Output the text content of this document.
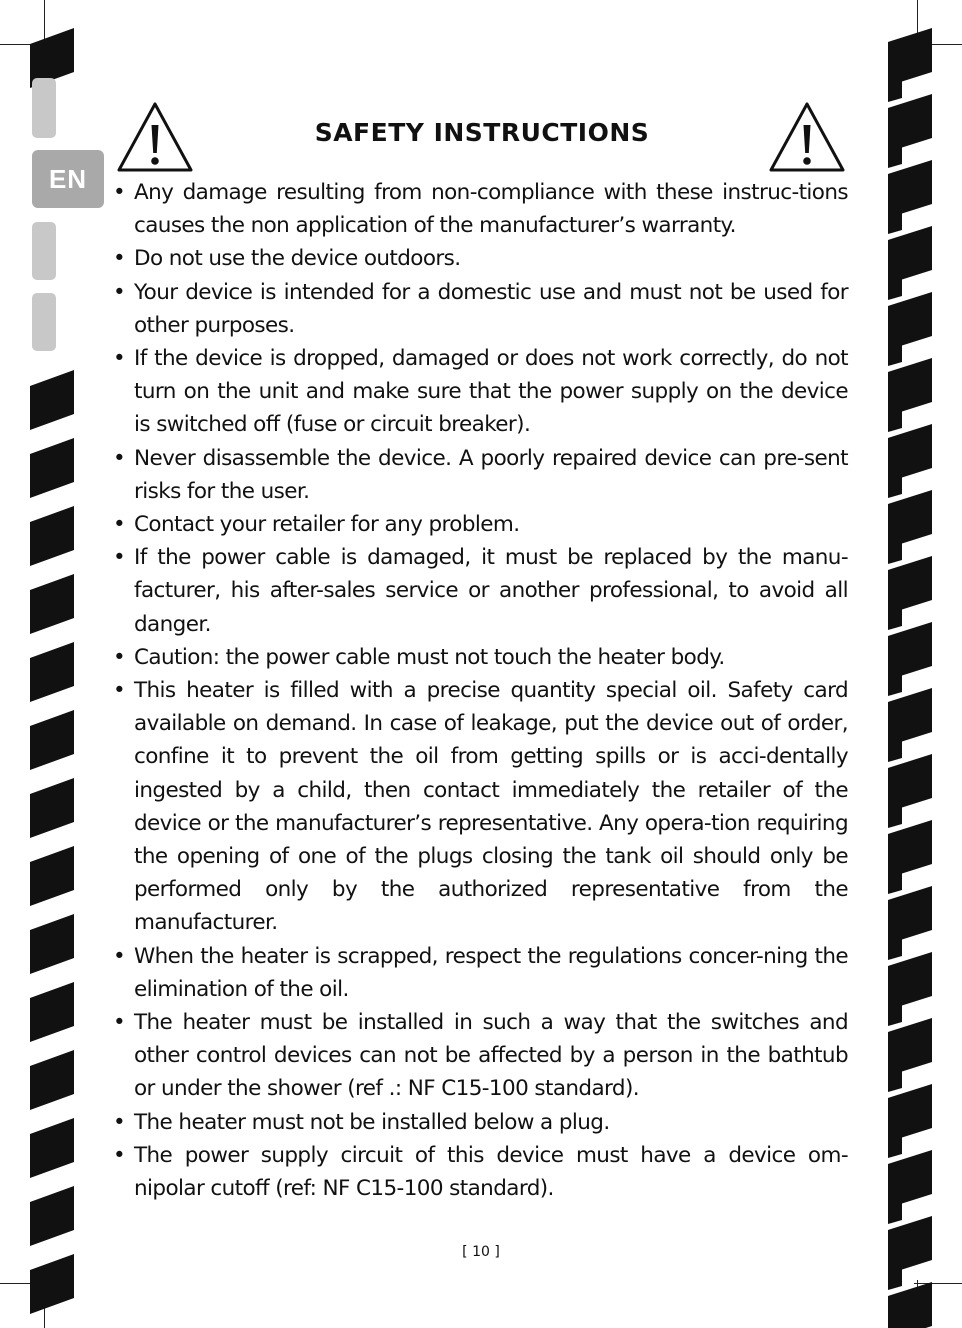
EN
SAFETY INSTRUCTIONS
• Any damage resulting from non-compliance with these instruc-tions causes the non application of the manufacturer’s warranty.
• Do not use the device outdoors.
• Your device is intended for a domestic use and must not be used for other purposes.
• If the device is dropped, damaged or does not work correctly, do not turn on the unit and make sure that the power supply on the device is switched off (fuse or circuit breaker).
• Never disassemble the device. A poorly repaired device can pre-sent risks for the user.
• Contact your retailer for any problem.
• If the power cable is damaged, it must be replaced by the manu-facturer, his after-sales service or another professional, to avoid all danger.
• Caution: the power cable must not touch the heater body.
• This heater is filled with a precise quantity special oil. Safety card available on demand. In case of leakage, put the device out of order, confine it to prevent the oil from getting spills or is acci-dentally ingested by a child, then contact immediately the retailer of the device or the manufacturer’s representative. Any opera-tion requiring the opening of one of the plugs closing the tank oil should only be performed only by the authorized representative from the manufacturer.
• When the heater is scrapped, respect the regulations concer-ning the elimination of the oil.
• The heater must be installed in such a way that the switches and other control devices can not be affected by a person in the bathtub or under the shower (ref .: NF C15-100 standard).
• The heater must not be installed below a plug.
• The power supply circuit of this device must have a device om-nipolar cutoff (ref: NF C15-100 standard).
[ 10 ]
